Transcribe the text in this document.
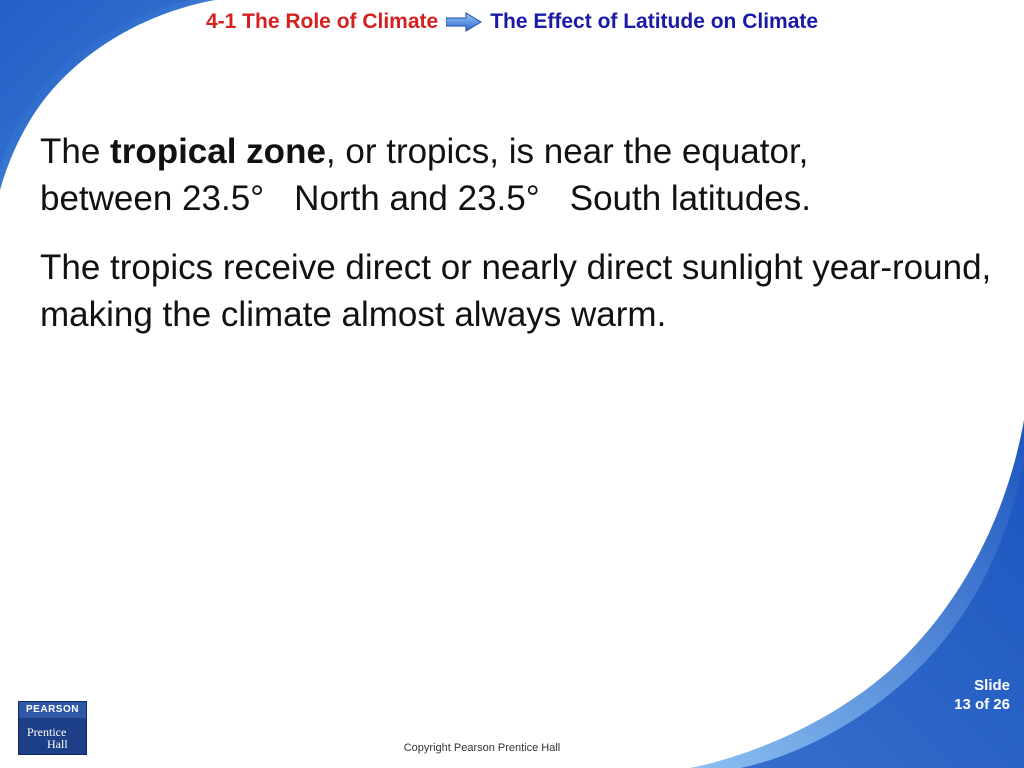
4-1 The Role of Climate The Effect of Latitude on Climate

The tropical zone, or tropics, is near the equator,
between 23.5° North and 23.5° South latitudes.

The tropics receive direct or nearly direct sunlight year-round, making the climate almost always warm.

PEARSON
Prentice
Hall
Slide
13 of 26
Copyright Pearson Prentice Hall
